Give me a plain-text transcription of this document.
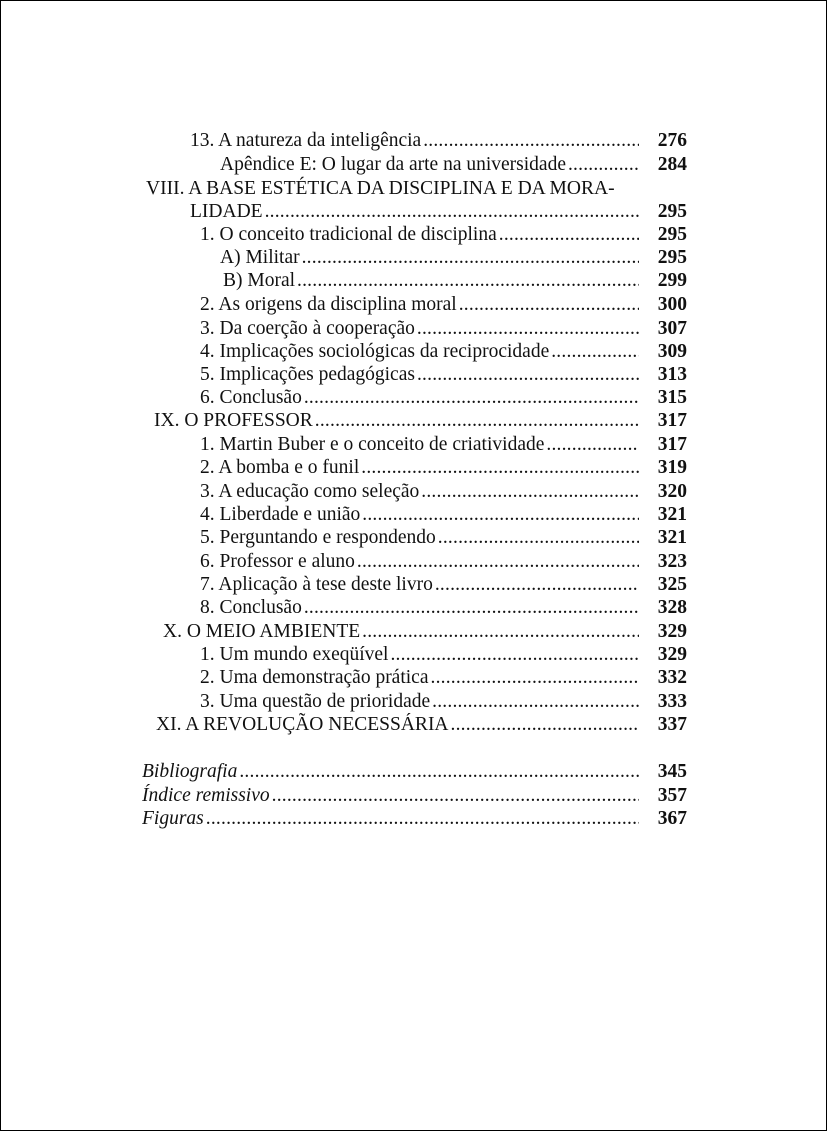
13. A natureza da inteligência .....	276
Apêndice E: O lugar da arte na universidade .....	284
VIII. A BASE ESTÉTICA DA DISCIPLINA E DA MORA-
LIDADE .....	295
1. O conceito tradicional de disciplina .....	295
A) Militar .....	295
B) Moral .....	299
2. As origens da disciplina moral .....	300
3. Da coerção à cooperação .....	307
4. Implicações sociológicas da reciprocidade .....	309
5. Implicações pedagógicas .....	313
6. Conclusão .....	315
IX. O PROFESSOR .....	317
1. Martin Buber e o conceito de criatividade .....	317
2. A bomba e o funil .....	319
3. A educação como seleção .....	320
4. Liberdade e união .....	321
5. Perguntando e respondendo .....	321
6. Professor e aluno .....	323
7. Aplicação à tese deste livro .....	325
8. Conclusão .....	328
X. O MEIO AMBIENTE .....	329
1. Um mundo exeqüível .....	329
2. Uma demonstração prática .....	332
3. Uma questão de prioridade .....	333
XI. A REVOLUÇÃO NECESSÁRIA .....	337
Bibliografia .....	345
Índice remissivo .....	357
Figuras .....	367
